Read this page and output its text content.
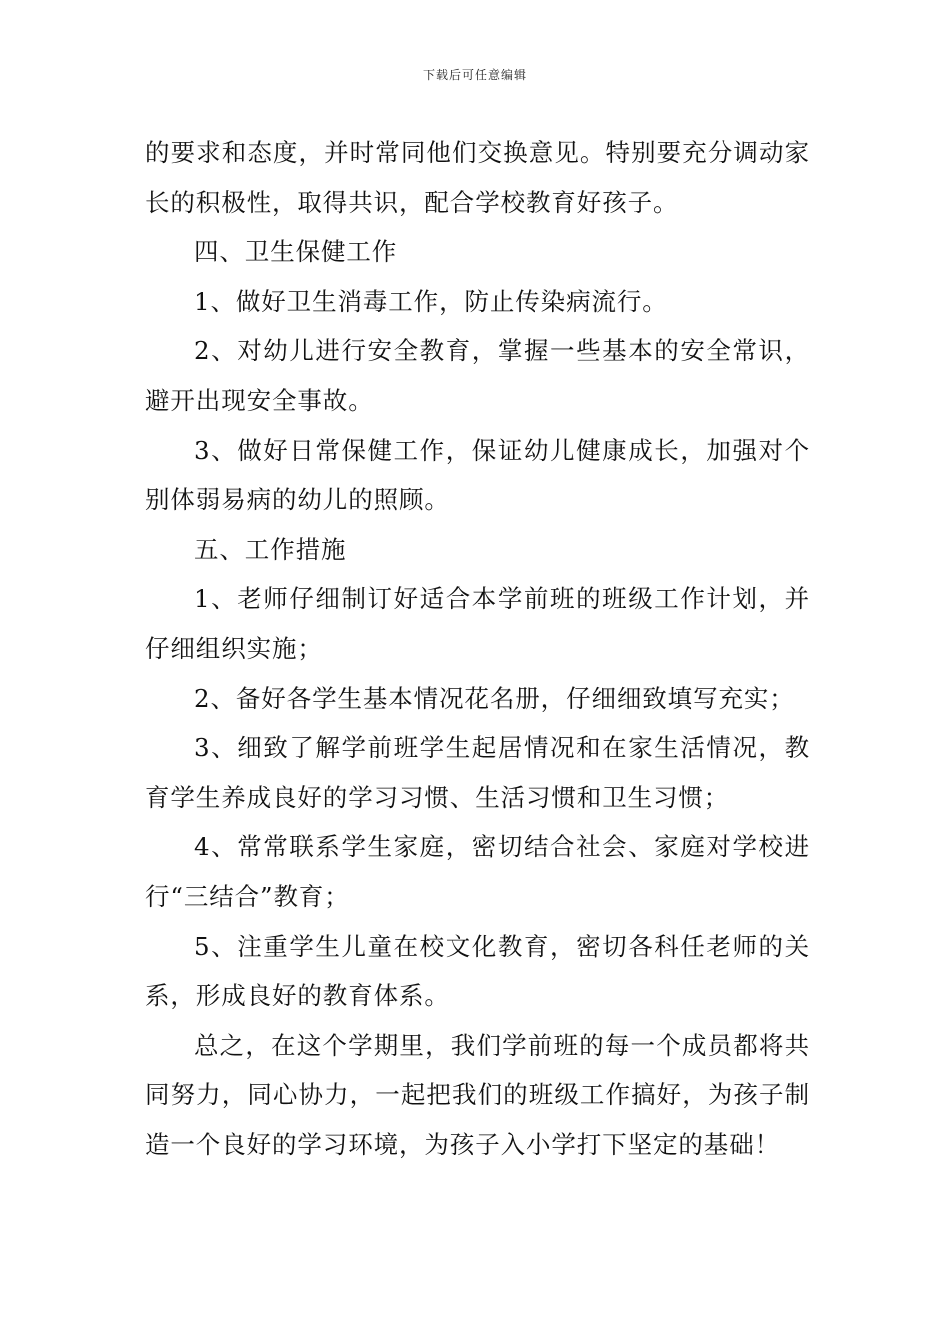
下载后可任意编辑

的要求和态度，并时常同他们交换意见。特别要充分调动家长的积极性，取得共识，配合学校教育好孩子。

四、卫生保健工作

1、做好卫生消毒工作，防止传染病流行。

2、对幼儿进行安全教育，掌握一些基本的安全常识，避开出现安全事故。

3、做好日常保健工作，保证幼儿健康成长，加强对个别体弱易病的幼儿的照顾。

五、工作措施

1、老师仔细制订好适合本学前班的班级工作计划，并仔细组织实施；

2、备好各学生基本情况花名册，仔细细致填写充实；

3、细致了解学前班学生起居情况和在家生活情况，教育学生养成良好的学习习惯、生活习惯和卫生习惯；

4、常常联系学生家庭，密切结合社会、家庭对学校进行“三结合”教育；

5、注重学生儿童在校文化教育，密切各科任老师的关系，形成良好的教育体系。

总之，在这个学期里，我们学前班的每一个成员都将共同努力，同心协力，一起把我们的班级工作搞好，为孩子制造一个良好的学习环境，为孩子入小学打下坚定的基础！
